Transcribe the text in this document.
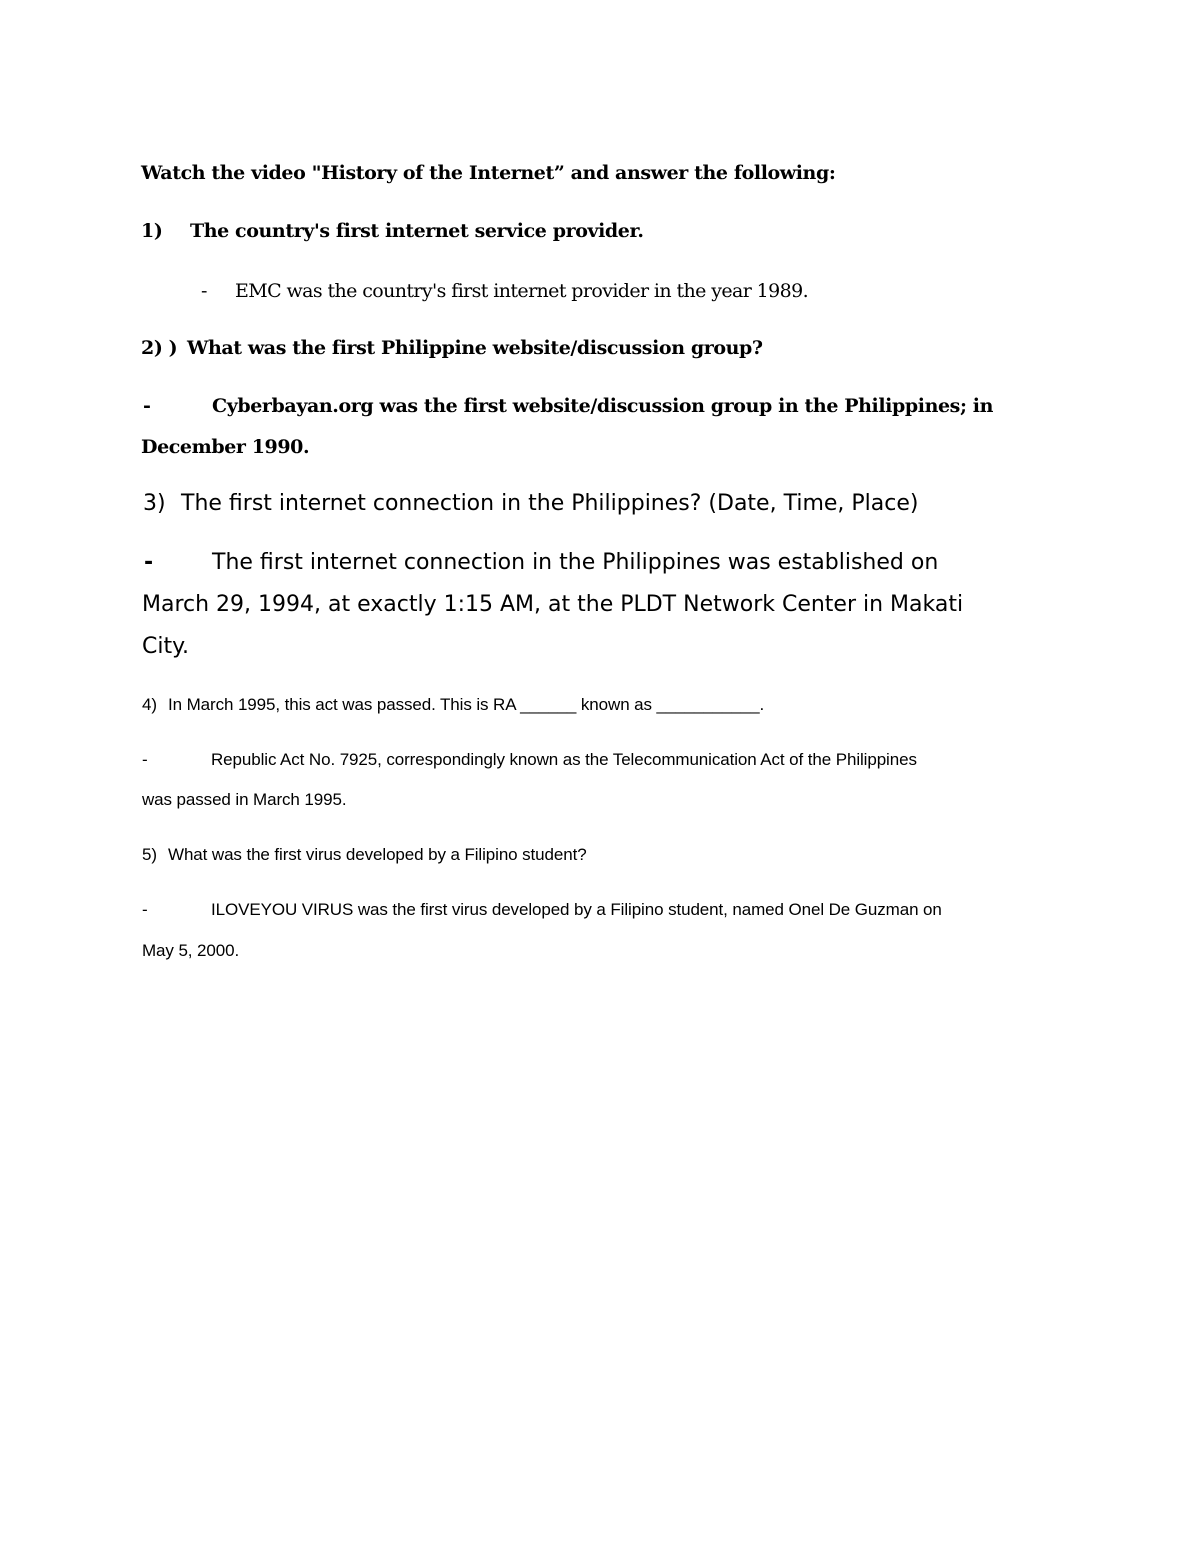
Watch the video "History of the Internet” and answer the following:
1) The country's first internet service provider.
- EMC was the country's first internet provider in the year 1989.
2) ) What was the first Philippine website/discussion group?
-	Cyberbayan.org was the first website/discussion group in the Philippines; in
December 1990.
3) The first internet connection in the Philippines? (Date, Time, Place)
-	The first internet connection in the Philippines was established on
March 29, 1994, at exactly 1:15 AM, at the PLDT Network Center in Makati
City.
4) In March 1995, this act was passed. This is RA ______ known as ___________.
-	Republic Act No. 7925, correspondingly known as the Telecommunication Act of the Philippines
was passed in March 1995.
5) What was the first virus developed by a Filipino student?
-	ILOVEYOU VIRUS was the first virus developed by a Filipino student, named Onel De Guzman on
May 5, 2000.
